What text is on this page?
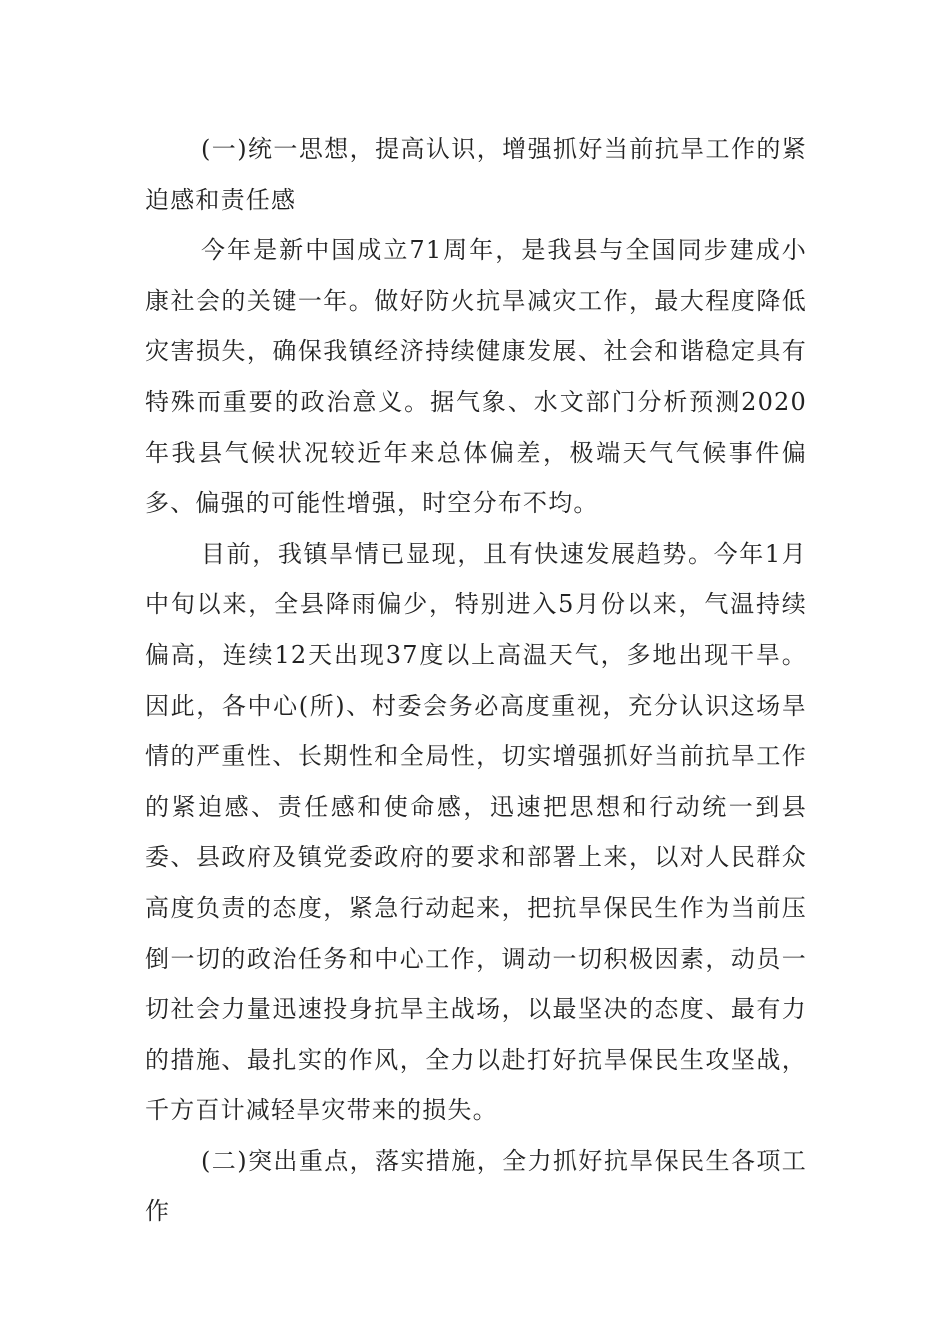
(一)统一思想，提高认识，增强抓好当前抗旱工作的紧迫感和责任感

今年是新中国成立71周年，是我县与全国同步建成小康社会的关键一年。做好防火抗旱减灾工作，最大程度降低灾害损失，确保我镇经济持续健康发展、社会和谐稳定具有特殊而重要的政治意义。据气象、水文部门分析预测2020年我县气候状况较近年来总体偏差，极端天气气候事件偏多、偏强的可能性增强，时空分布不均。

目前，我镇旱情已显现，且有快速发展趋势。今年1月中旬以来，全县降雨偏少，特别进入5月份以来，气温持续偏高，连续12天出现37度以上高温天气，多地出现干旱。因此，各中心(所)、村委会务必高度重视，充分认识这场旱情的严重性、长期性和全局性，切实增强抓好当前抗旱工作的紧迫感、责任感和使命感，迅速把思想和行动统一到县委、县政府及镇党委政府的要求和部署上来，以对人民群众高度负责的态度，紧急行动起来，把抗旱保民生作为当前压倒一切的政治任务和中心工作，调动一切积极因素，动员一切社会力量迅速投身抗旱主战场，以最坚决的态度、最有力的措施、最扎实的作风，全力以赴打好抗旱保民生攻坚战，千方百计减轻旱灾带来的损失。

(二)突出重点，落实措施，全力抓好抗旱保民生各项工作
